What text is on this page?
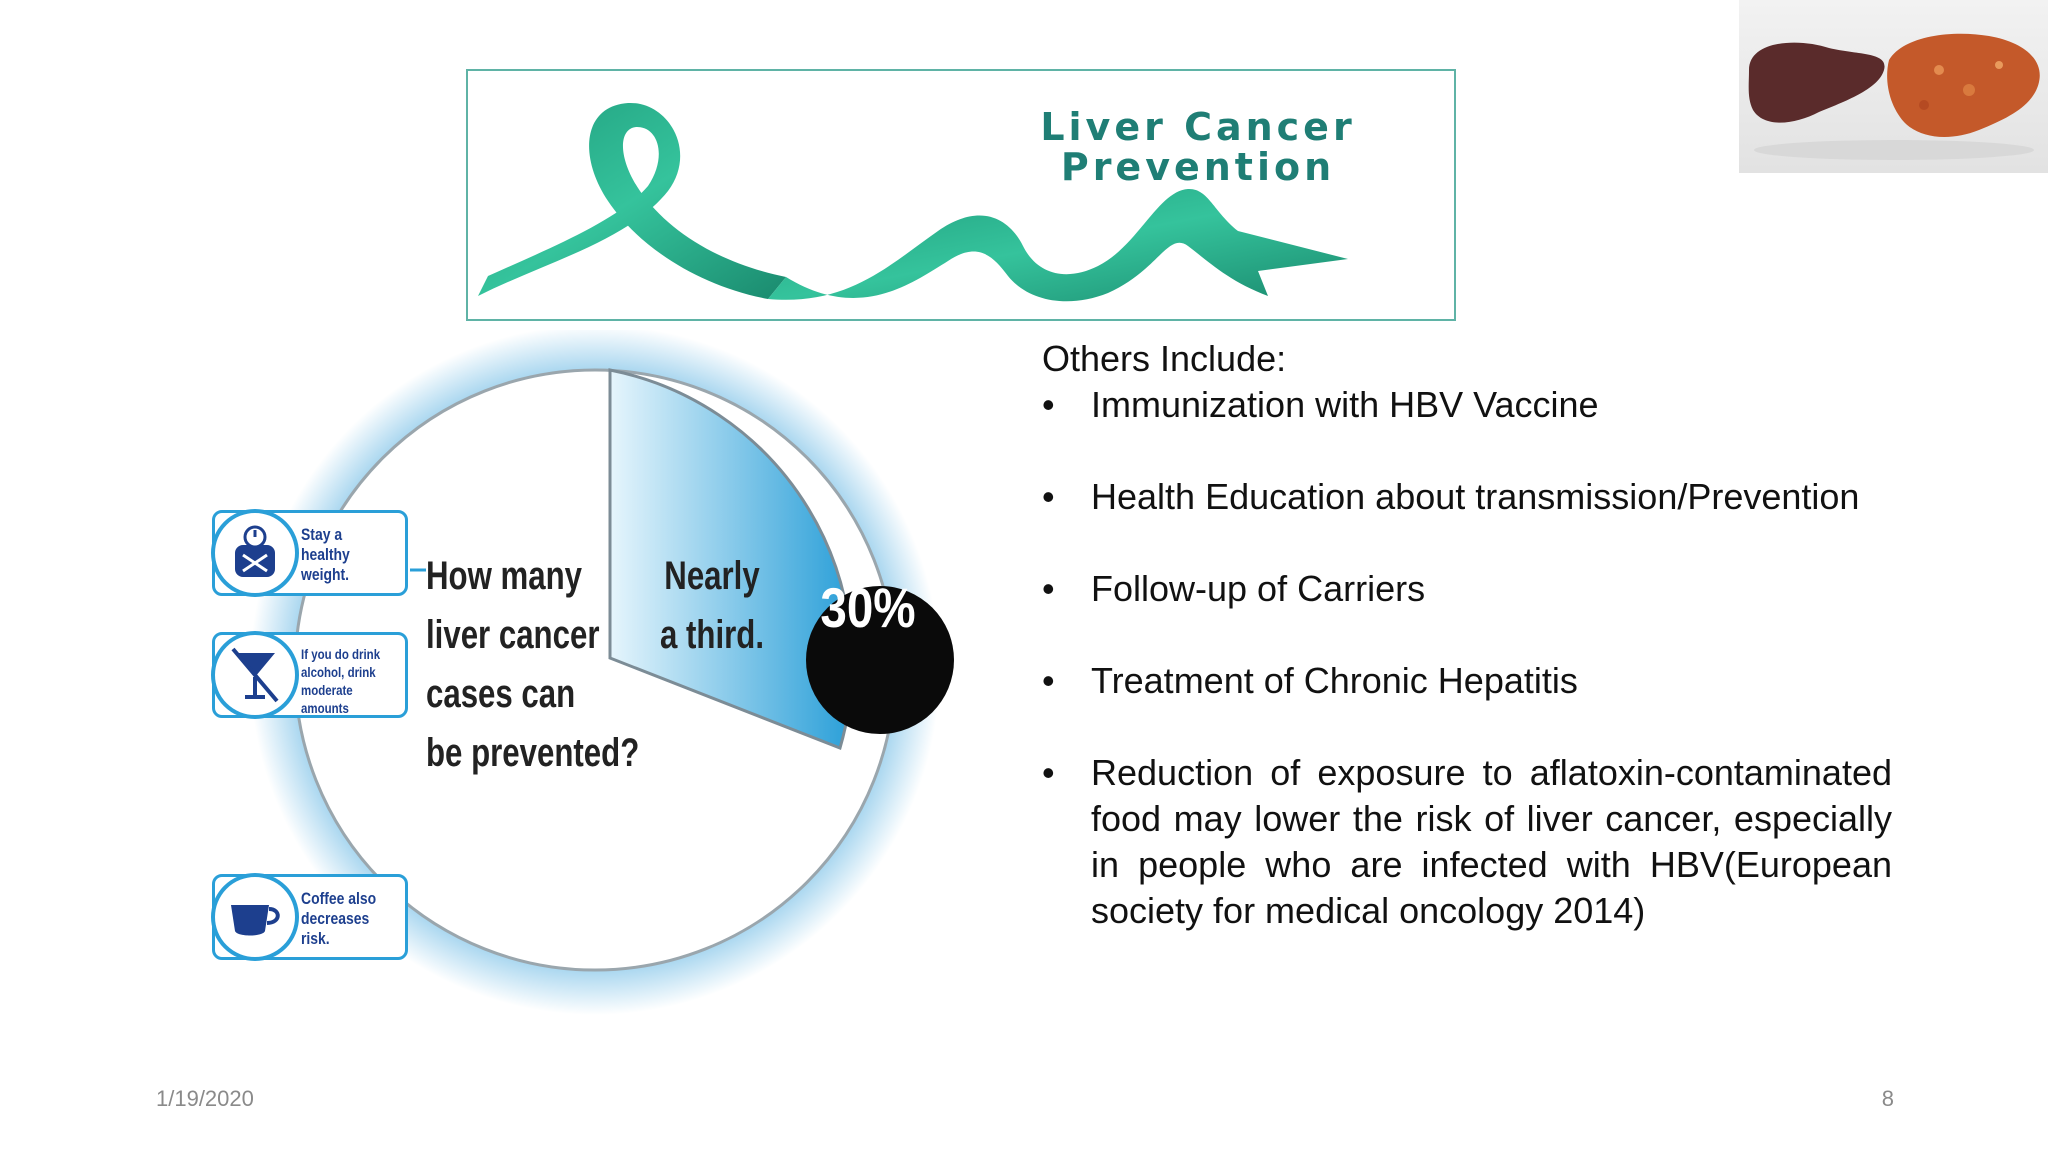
Liver Cancer
Prevention
How many
liver cancer
cases can
be prevented?
Nearly
a third. 30%
Stay a healthy
weight.
If you do drink
alcohol, drink
moderate amounts
Coffee also
decreases risk.

Others Include:

• Immunization with HBV Vaccine
• Health Education about transmission/Prevention
• Follow-up of Carriers
• Treatment of Chronic Hepatitis
• Reduction of exposure to aflatoxin-contaminated food may lower the risk of liver cancer, especially in people who are infected with HBV(European society for medical oncology 2014)
1/19/2020	8
